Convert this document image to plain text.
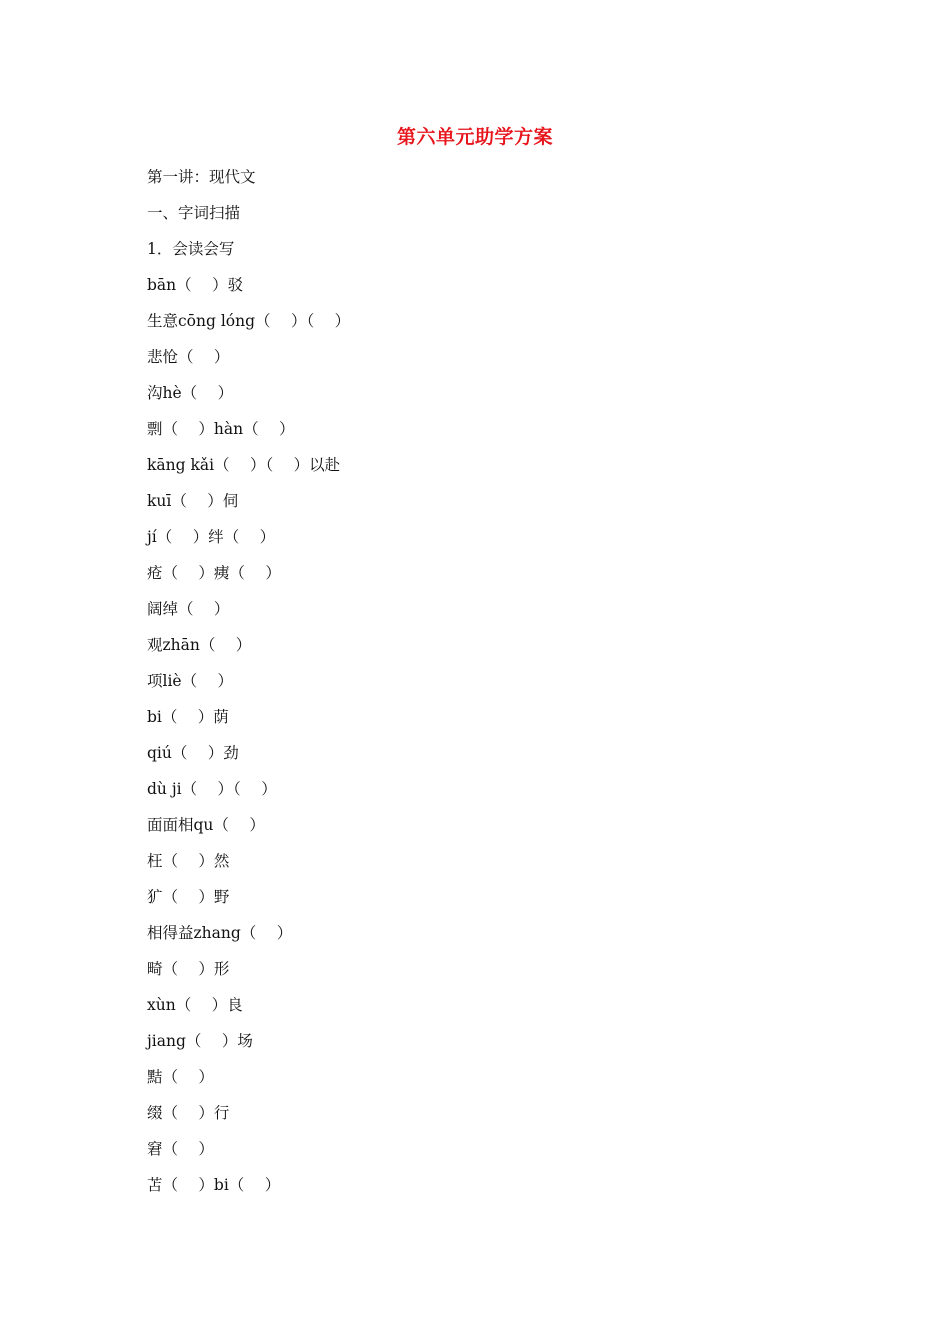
第六单元助学方案
第一讲：现代文
一、字词扫描
1．会读会写
bān（　 ）驳
生意cōng lóng（　 ）（　 ）
悲怆（　 ）
沟hè（　 ）
剽（　 ）hàn（　 ）
kāng kǎi（　 ）（　 ）以赴
kuī（　 ）伺
jí（　 ）绊（　 ）
疮（　 ）痍（　 ）
阔绰（　 ）
观zhān（　 ）
项liè（　 ）
bi（　 ）荫
qiú（　 ）劲
dù ji（　 ）（　 ）
面面相qu（　 ）
枉（　 ）然
犷（　 ）野
相得益zhang（　 ）
畸（　 ）形
xùn（　 ）良
jiang（　 ）场
黠（　 ）
缀（　 ）行
窘（　 ）
苫（　 ）bi（　 ）
